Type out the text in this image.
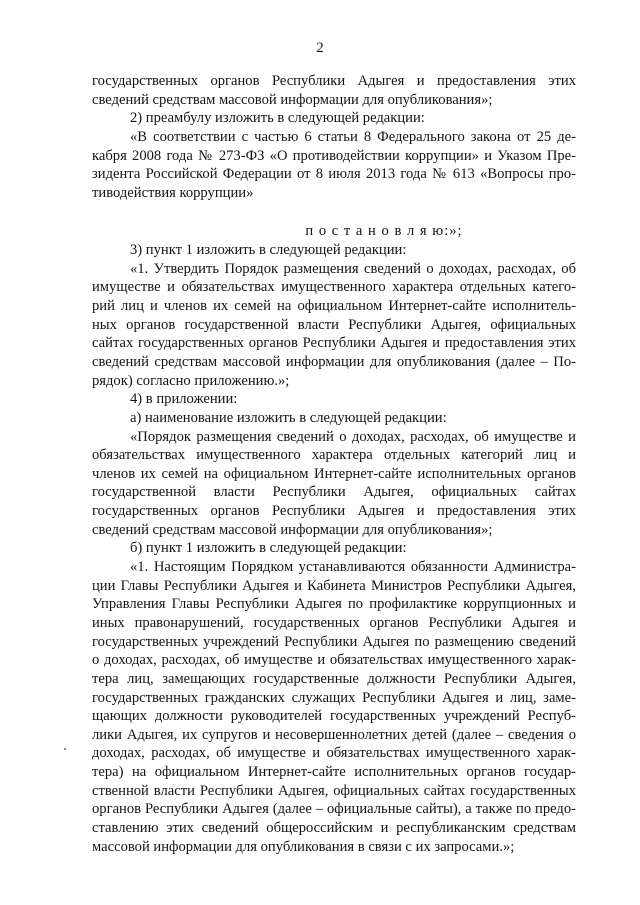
2
государственных органов Республики Адыгея и предоставления этих
сведений средствам массовой информации для опубликования»;
2) преамбулу изложить в следующей редакции:
«В соответствии с частью 6 статьи 8 Федерального закона от 25 де-
кабря 2008 года № 273-ФЗ «О противодействии коррупции» и Указом Пре-
зидента Российской Федерации от 8 июля 2013 года № 613 «Вопросы про-
тиводействия коррупции»
п о с т а н о в л я ю:»;
3) пункт 1 изложить в следующей редакции:
«1. Утвердить Порядок размещения сведений о доходах, расходах, об
имуществе и обязательствах имущественного характера отдельных катего-
рий лиц и членов их семей на официальном Интернет-сайте исполнитель-
ных органов государственной власти Республики Адыгея, официальных
сайтах государственных органов Республики Адыгея и предоставления этих
сведений средствам массовой информации для опубликования (далее – По-
рядок) согласно приложению.»;
4) в приложении:
а) наименование изложить в следующей редакции:
«Порядок размещения сведений о доходах, расходах, об имуществе и
обязательствах имущественного характера отдельных категорий лиц и
членов их семей на официальном Интернет-сайте исполнительных органов
государственной власти Республики Адыгея, официальных сайтах
государственных органов Республики Адыгея и предоставления этих
сведений средствам массовой информации для опубликования»;
б) пункт 1 изложить в следующей редакции:
«1. Настоящим Порядком устанавливаются обязанности Администра-
ции Главы Республики Адыгея и Кабинета Министров Республики Адыгея,
Управления Главы Республики Адыгея по профилактике коррупционных и
иных правонарушений, государственных органов Республики Адыгея и
государственных учреждений Республики Адыгея по размещению сведений
о доходах, расходах, об имуществе и обязательствах имущественного харак-
тера лиц, замещающих государственные должности Республики Адыгея,
государственных гражданских служащих Республики Адыгея и лиц, заме-
щающих должности руководителей государственных учреждений Респуб-
лики Адыгея, их супругов и несовершеннолетних детей (далее – сведения о
доходах, расходах, об имуществе и обязательствах имущественного харак-
тера) на официальном Интернет-сайте исполнительных органов государ-
ственной власти Республики Адыгея, официальных сайтах государственных
органов Республики Адыгея (далее – официальные сайты), а также по предо-
ставлению этих сведений общероссийским и республиканским средствам
массовой информации для опубликования в связи с их запросами.»;
